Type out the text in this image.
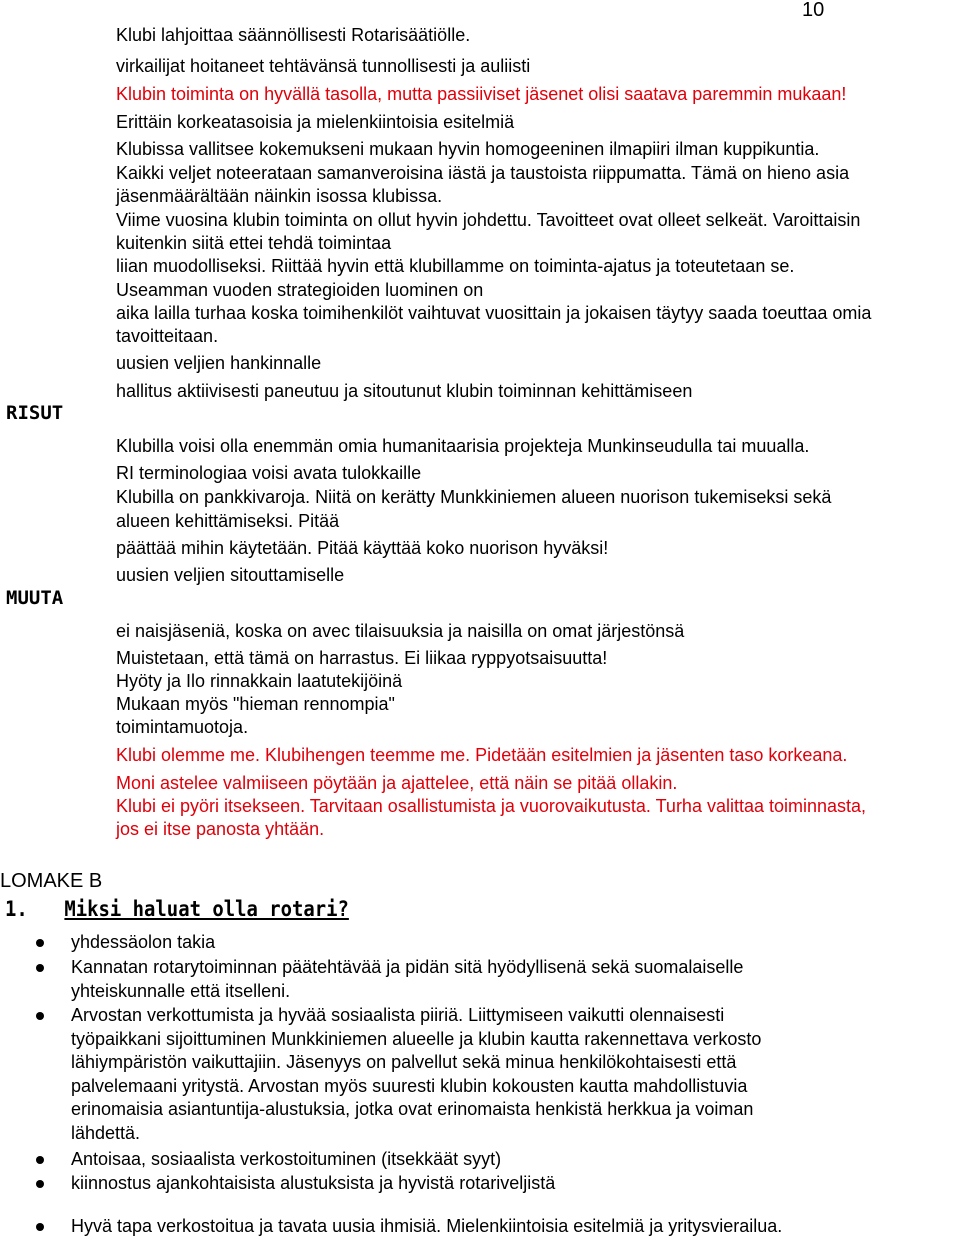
10
RISUT
MUUTA
Klubi lahjoittaa säännöllisesti Rotarisäätiölle.
virkailijat hoitaneet tehtävänsä tunnollisesti ja auliisti
Klubin toiminta on hyvällä tasolla, mutta passiiviset jäsenet olisi saatava paremmin mukaan!
Erittäin korkeatasoisia ja mielenkiintoisia esitelmiä
Klubissa vallitsee kokemukseni mukaan hyvin homogeeninen ilmapiiri ilman kuppikuntia.
Kaikki veljet noteerataan samanveroisina iästä ja taustoista riippumatta. Tämä on hieno asia
jäsenmäärältään näinkin isossa klubissa.
Viime vuosina klubin toiminta on ollut hyvin johdettu. Tavoitteet ovat olleet selkeät. Varoittaisin
kuitenkin siitä ettei tehdä toimintaa
liian muodolliseksi. Riittää hyvin että klubillamme on toiminta-ajatus ja toteutetaan se.
Useamman vuoden strategioiden luominen on
aika lailla turhaa koska toimihenkilöt vaihtuvat vuosittain ja jokaisen täytyy saada toeuttaa omia
tavoitteitaan.
uusien veljien hankinnalle
hallitus aktiivisesti paneutuu ja sitoutunut klubin toiminnan kehittämiseen
Klubilla voisi olla enemmän omia humanitaarisia projekteja Munkinseudulla tai muualla.
RI terminologiaa voisi avata tulokkaille
Klubilla on pankkivaroja. Niitä on kerätty Munkkiniemen alueen nuorison tukemiseksi sekä
alueen kehittämiseksi. Pitää
päättää mihin käytetään. Pitää käyttää koko nuorison hyväksi!
uusien veljien sitouttamiselle
ei naisjäseniä, koska on avec tilaisuuksia ja naisilla on omat järjestönsä
Muistetaan, että tämä on harrastus. Ei liikaa ryppyotsaisuutta!
Hyöty ja Ilo rinnakkain laatutekijöinä
Mukaan myös "hieman rennompia"
toimintamuotoja.
Klubi olemme me. Klubihengen teemme me. Pidetään esitelmien ja jäsenten taso korkeana.
Moni astelee valmiiseen pöytään ja ajattelee, että näin se pitää ollakin.
Klubi ei pyöri itsekseen. Tarvitaan osallistumista ja vuorovaikutusta. Turha valittaa toiminnasta,
jos ei itse panosta yhtään.
LOMAKE B
1. Miksi haluat olla rotari?
yhdessäolon takia
Kannatan rotarytoiminnan päätehtävää ja pidän sitä hyödyllisenä sekä suomalaiselle
yhteiskunnalle että itselleni.
Arvostan verkottumista ja hyvää sosiaalista piiriä. Liittymiseen vaikutti olennaisesti
työpaikkani sijoittuminen Munkkiniemen alueelle ja klubin kautta rakennettava verkosto
lähiympäristön vaikuttajiin. Jäsenyys on palvellut sekä minua henkilökohtaisesti että
palvelemaani yritystä. Arvostan myös suuresti klubin kokousten kautta mahdollistuvia
erinomaisia asiantuntija-alustuksia, jotka ovat erinomaista henkistä herkkua ja voiman
lähdettä.
Antoisaa, sosiaalista verkostoituminen (itsekkäät syyt)
kiinnostus ajankohtaisista alustuksista ja hyvistä rotariveljistä
Hyvä tapa verkostoitua ja tavata uusia ihmisiä. Mielenkiintoisia esitelmiä ja yritysvierailua.
